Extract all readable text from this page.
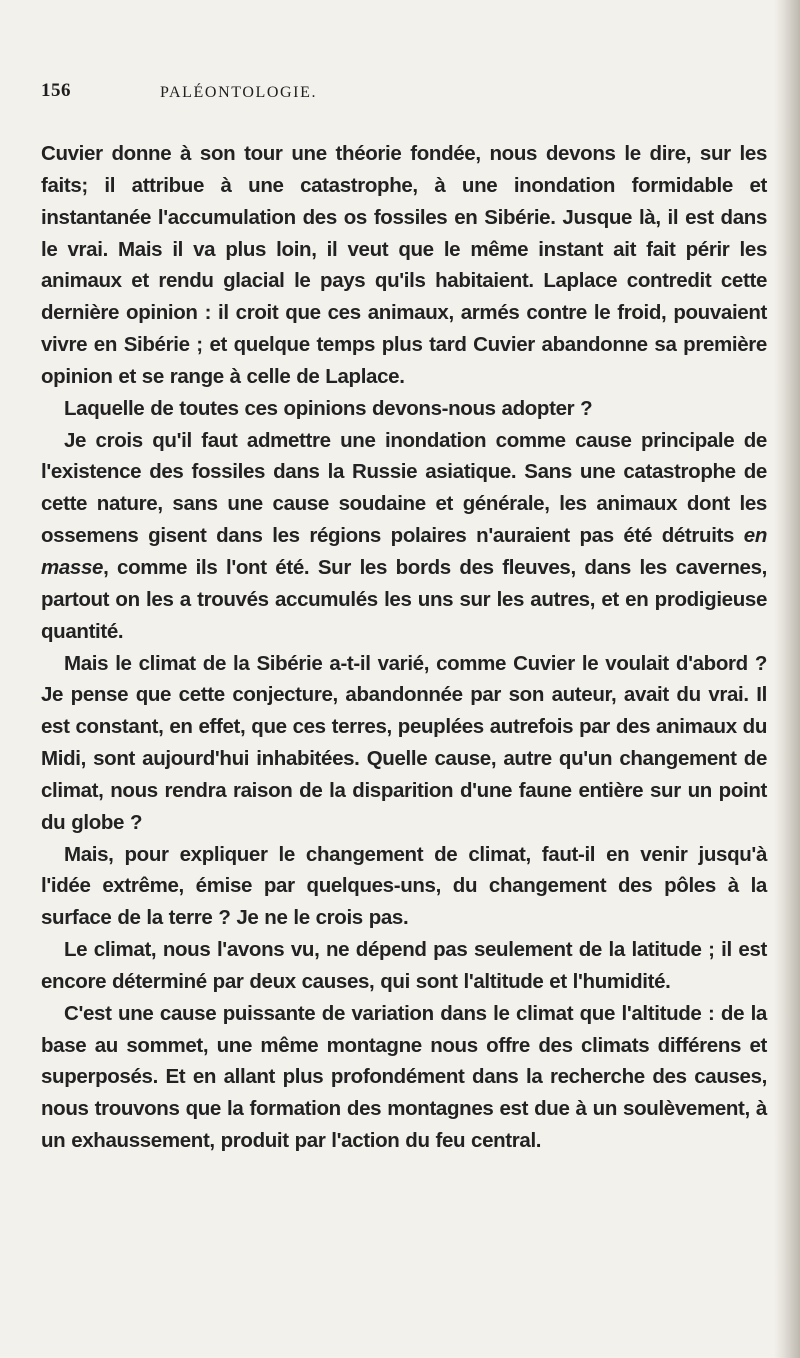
156	PALÉONTOLOGIE.

Cuvier donne à son tour une théorie fondée, nous devons le dire, sur les faits; il attribue à une catastrophe, à une inondation formidable et instantanée l'accumulation des os fossiles en Sibérie. Jusque là, il est dans le vrai. Mais il va plus loin, il veut que le même instant ait fait périr les animaux et rendu glacial le pays qu'ils habitaient. Laplace contredit cette dernière opinion : il croit que ces animaux, armés contre le froid, pouvaient vivre en Sibérie ; et quelque temps plus tard Cuvier abandonne sa première opinion et se range à celle de Laplace.

Laquelle de toutes ces opinions devons-nous adopter ?

Je crois qu'il faut admettre une inondation comme cause principale de l'existence des fossiles dans la Russie asiatique. Sans une catastrophe de cette nature, sans une cause soudaine et générale, les animaux dont les ossemens gisent dans les régions polaires n'auraient pas été détruits en masse, comme ils l'ont été. Sur les bords des fleuves, dans les cavernes, partout on les a trouvés accumulés les uns sur les autres, et en prodigieuse quantité.

Mais le climat de la Sibérie a-t-il varié, comme Cuvier le voulait d'abord ? Je pense que cette conjecture, abandonnée par son auteur, avait du vrai. Il est constant, en effet, que ces terres, peuplées autrefois par des animaux du Midi, sont aujourd'hui inhabitées. Quelle cause, autre qu'un changement de climat, nous rendra raison de la disparition d'une faune entière sur un point du globe ?

Mais, pour expliquer le changement de climat, faut-il en venir jusqu'à l'idée extrême, émise par quelques-uns, du changement des pôles à la surface de la terre ? Je ne le crois pas.

Le climat, nous l'avons vu, ne dépend pas seulement de la latitude ; il est encore déterminé par deux causes, qui sont l'altitude et l'humidité.

C'est une cause puissante de variation dans le climat que l'altitude : de la base au sommet, une même montagne nous offre des climats différens et superposés. Et en allant plus profondément dans la recherche des causes, nous trouvons que la formation des montagnes est due à un soulèvement, à un exhaussement, produit par l'action du feu central.
